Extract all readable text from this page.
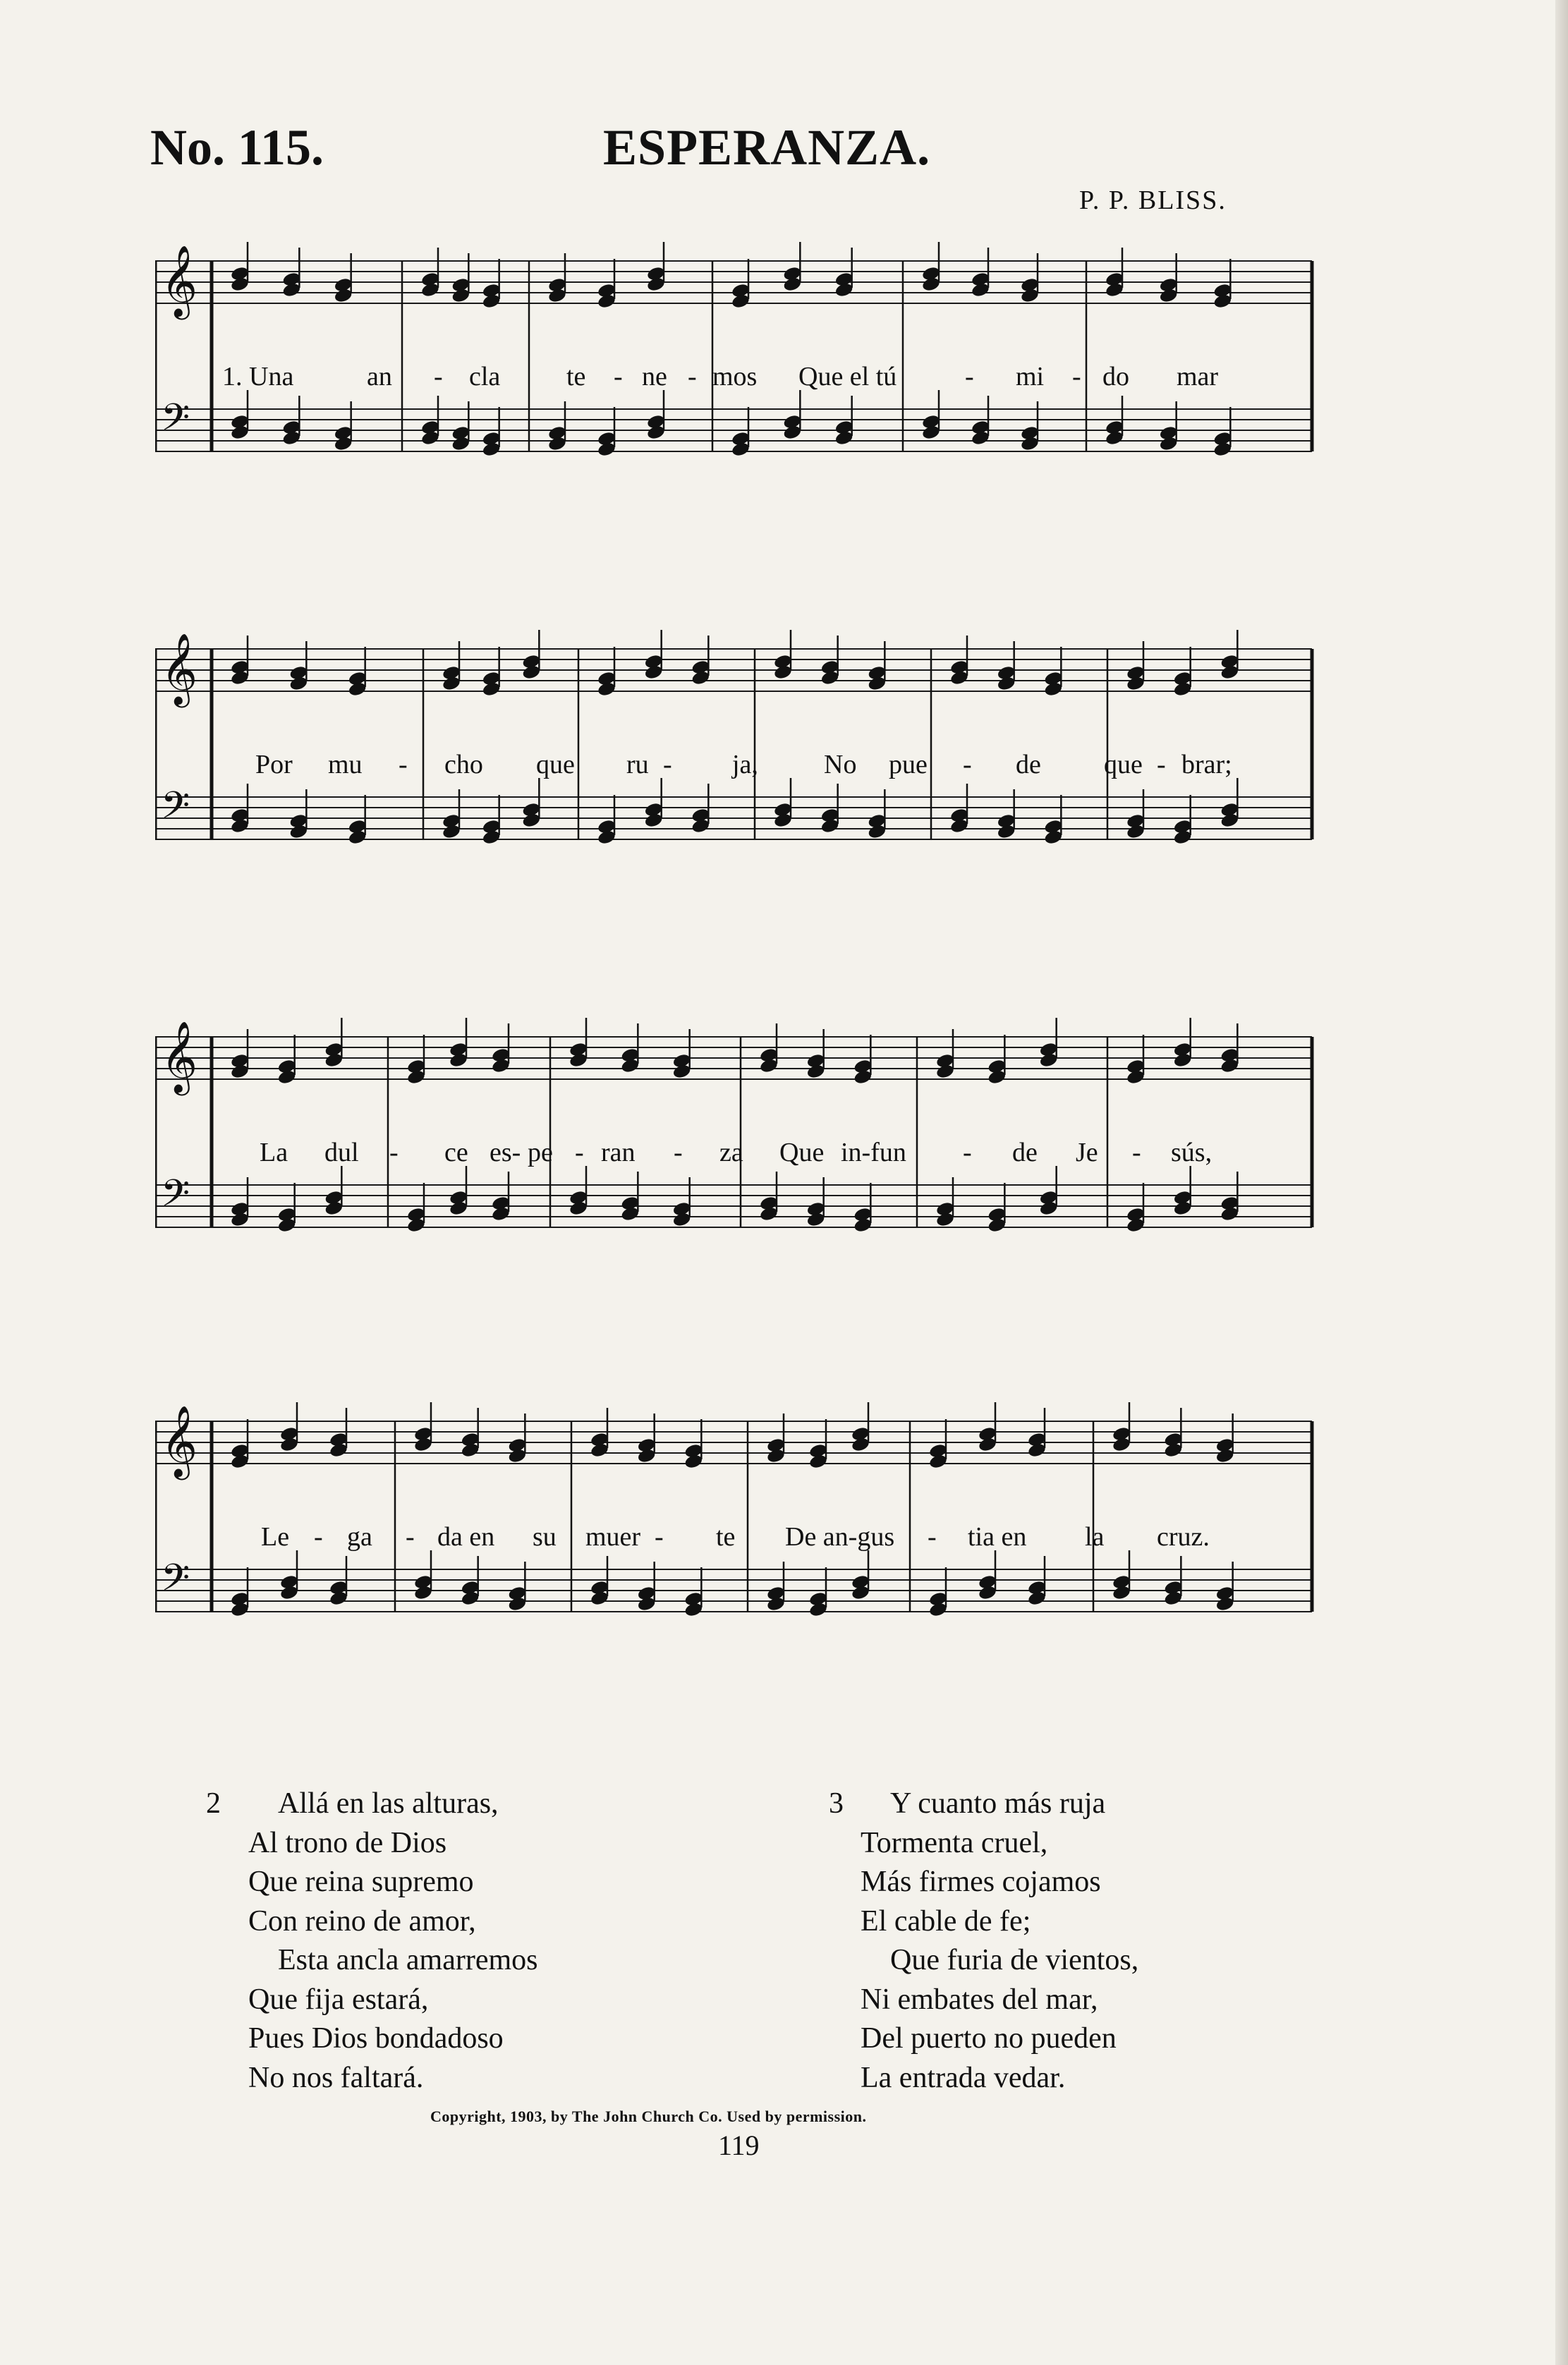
No. 115.	ESPERANZA.
P. P. BLISS.
𝄞
𝄢
1. Una	an - cla te - ne - mos Que el tú	- mi - do mar
𝄞
𝄢
Por mu - cho que ru - ja, No pue - de que - brar;
𝄞
𝄢
La dul - ce es- pe - ran - za Que in-fun - de Je - sús,
𝄞
𝄢
Le - ga - da en su muer - te De an-gus - tia en la cruz.
2	Allá en las alturas,
Al trono de Dios
Que reina supremo
Con reino de amor,
Esta ancla amarremos
Que fija estará,
Pues Dios bondadoso
No nos faltará.
3	Y cuanto más ruja
Tormenta cruel,
Más firmes cojamos
El cable de fe;
Que furia de vientos,
Ni embates del mar,
Del puerto no pueden
La entrada vedar.
Copyright, 1903, by The John Church Co. Used by permission.
119
